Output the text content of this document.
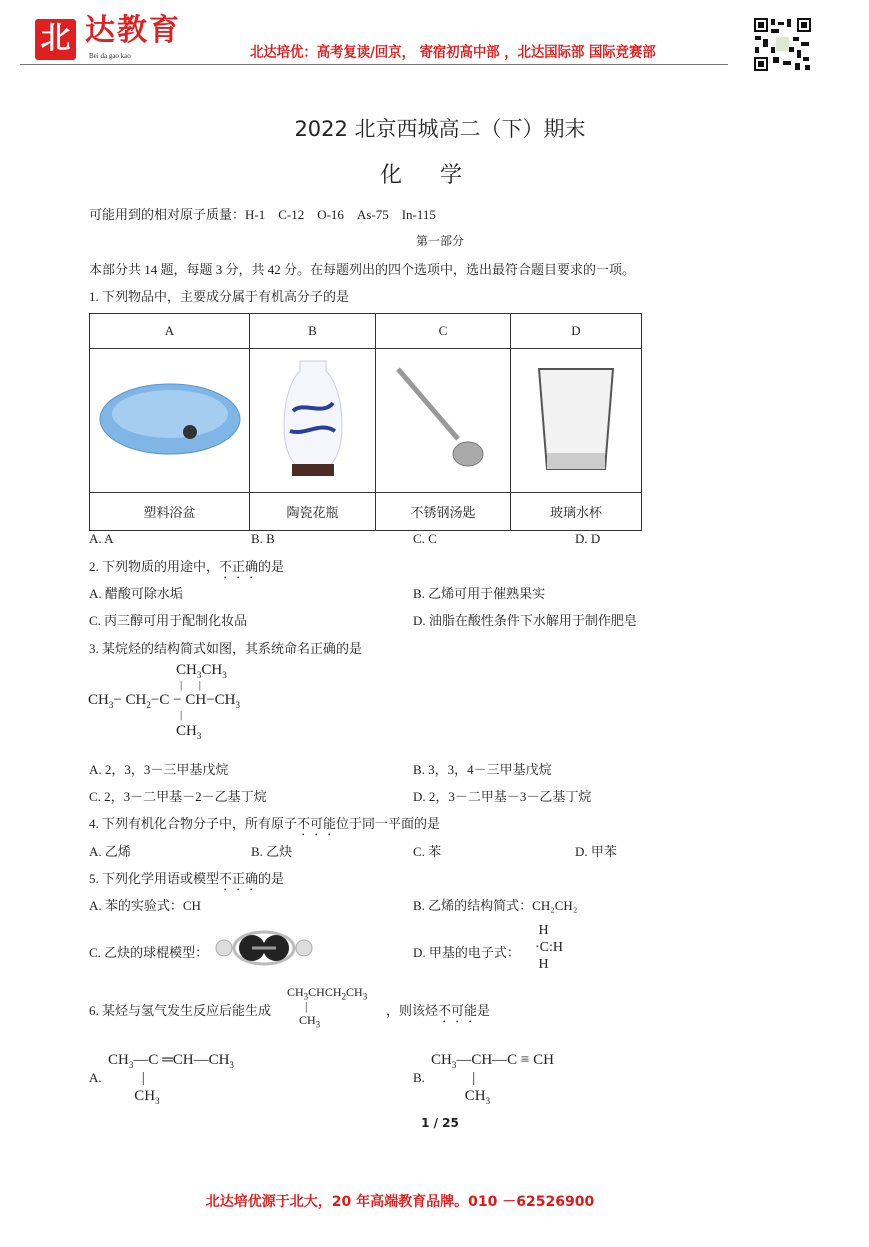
北 达教育
Bei da gao kao	北达培优：高考复读/回京， 寄宿初高中部 ，北达国际部 国际竞赛部
2022 北京西城高二（下）期末
化学
可能用到的相对原子质量：H-1　C-12　O-16　As-75　In-115
第一部分
本部分共 14 题，每题 3 分，共 42 分。在每题列出的四个选项中，选出最符合题目要求的一项。
1. 下列物品中，主要成分属于有机高分子的是
A	B	C	D

塑料浴盆	陶瓷花瓶	不锈钢汤匙	玻璃水杯
A. A	B. B	C. C	D. D
2. 下列物质的用途中，不正确的是
A. 醋酸可除水垢	B. 乙烯可用于催熟果实
C. 丙三醇可用于配制化妆品	D. 油脂在酸性条件下水解用于制作肥皂
3. 某烷烃的结构简式如图，其系统命名正确的是
$CH_3CH_3$
|      |
$CH_3- CH_2-C - CH-CH_3$
|
$CH_3$
A. 2，3，3－三甲基戊烷	B. 3，3，4－三甲基戊烷
C. 2，3－二甲基－2－乙基丁烷	D. 2，3－二甲基－3－乙基丁烷
4. 下列有机化合物分子中，所有原子不可能位于同一平面的是
A. 乙烯	B. 乙炔	C. 苯	D. 甲苯
5. 下列化学用语或模型不正确的是
A. 苯的实验式：CH	B. 乙烯的结构简式：CH₂CH₂
C. 乙炔的球棍模型：	D. 甲基的电子式：
H
·C:H
H
6. 某烃与氢气发生反应后能生成	，则该烃不可能是
$CH_3CHCH_2CH_3$
|
$CH_3$
A.
$CH_3—C$ $═CH—CH_3$
|
$CH_3$
B.
$CH_3—CH—C$ ≡ CH
|
$CH_3$
1 / 25
北达培优源于北大，20 年高端教育品牌。010 －62526900
